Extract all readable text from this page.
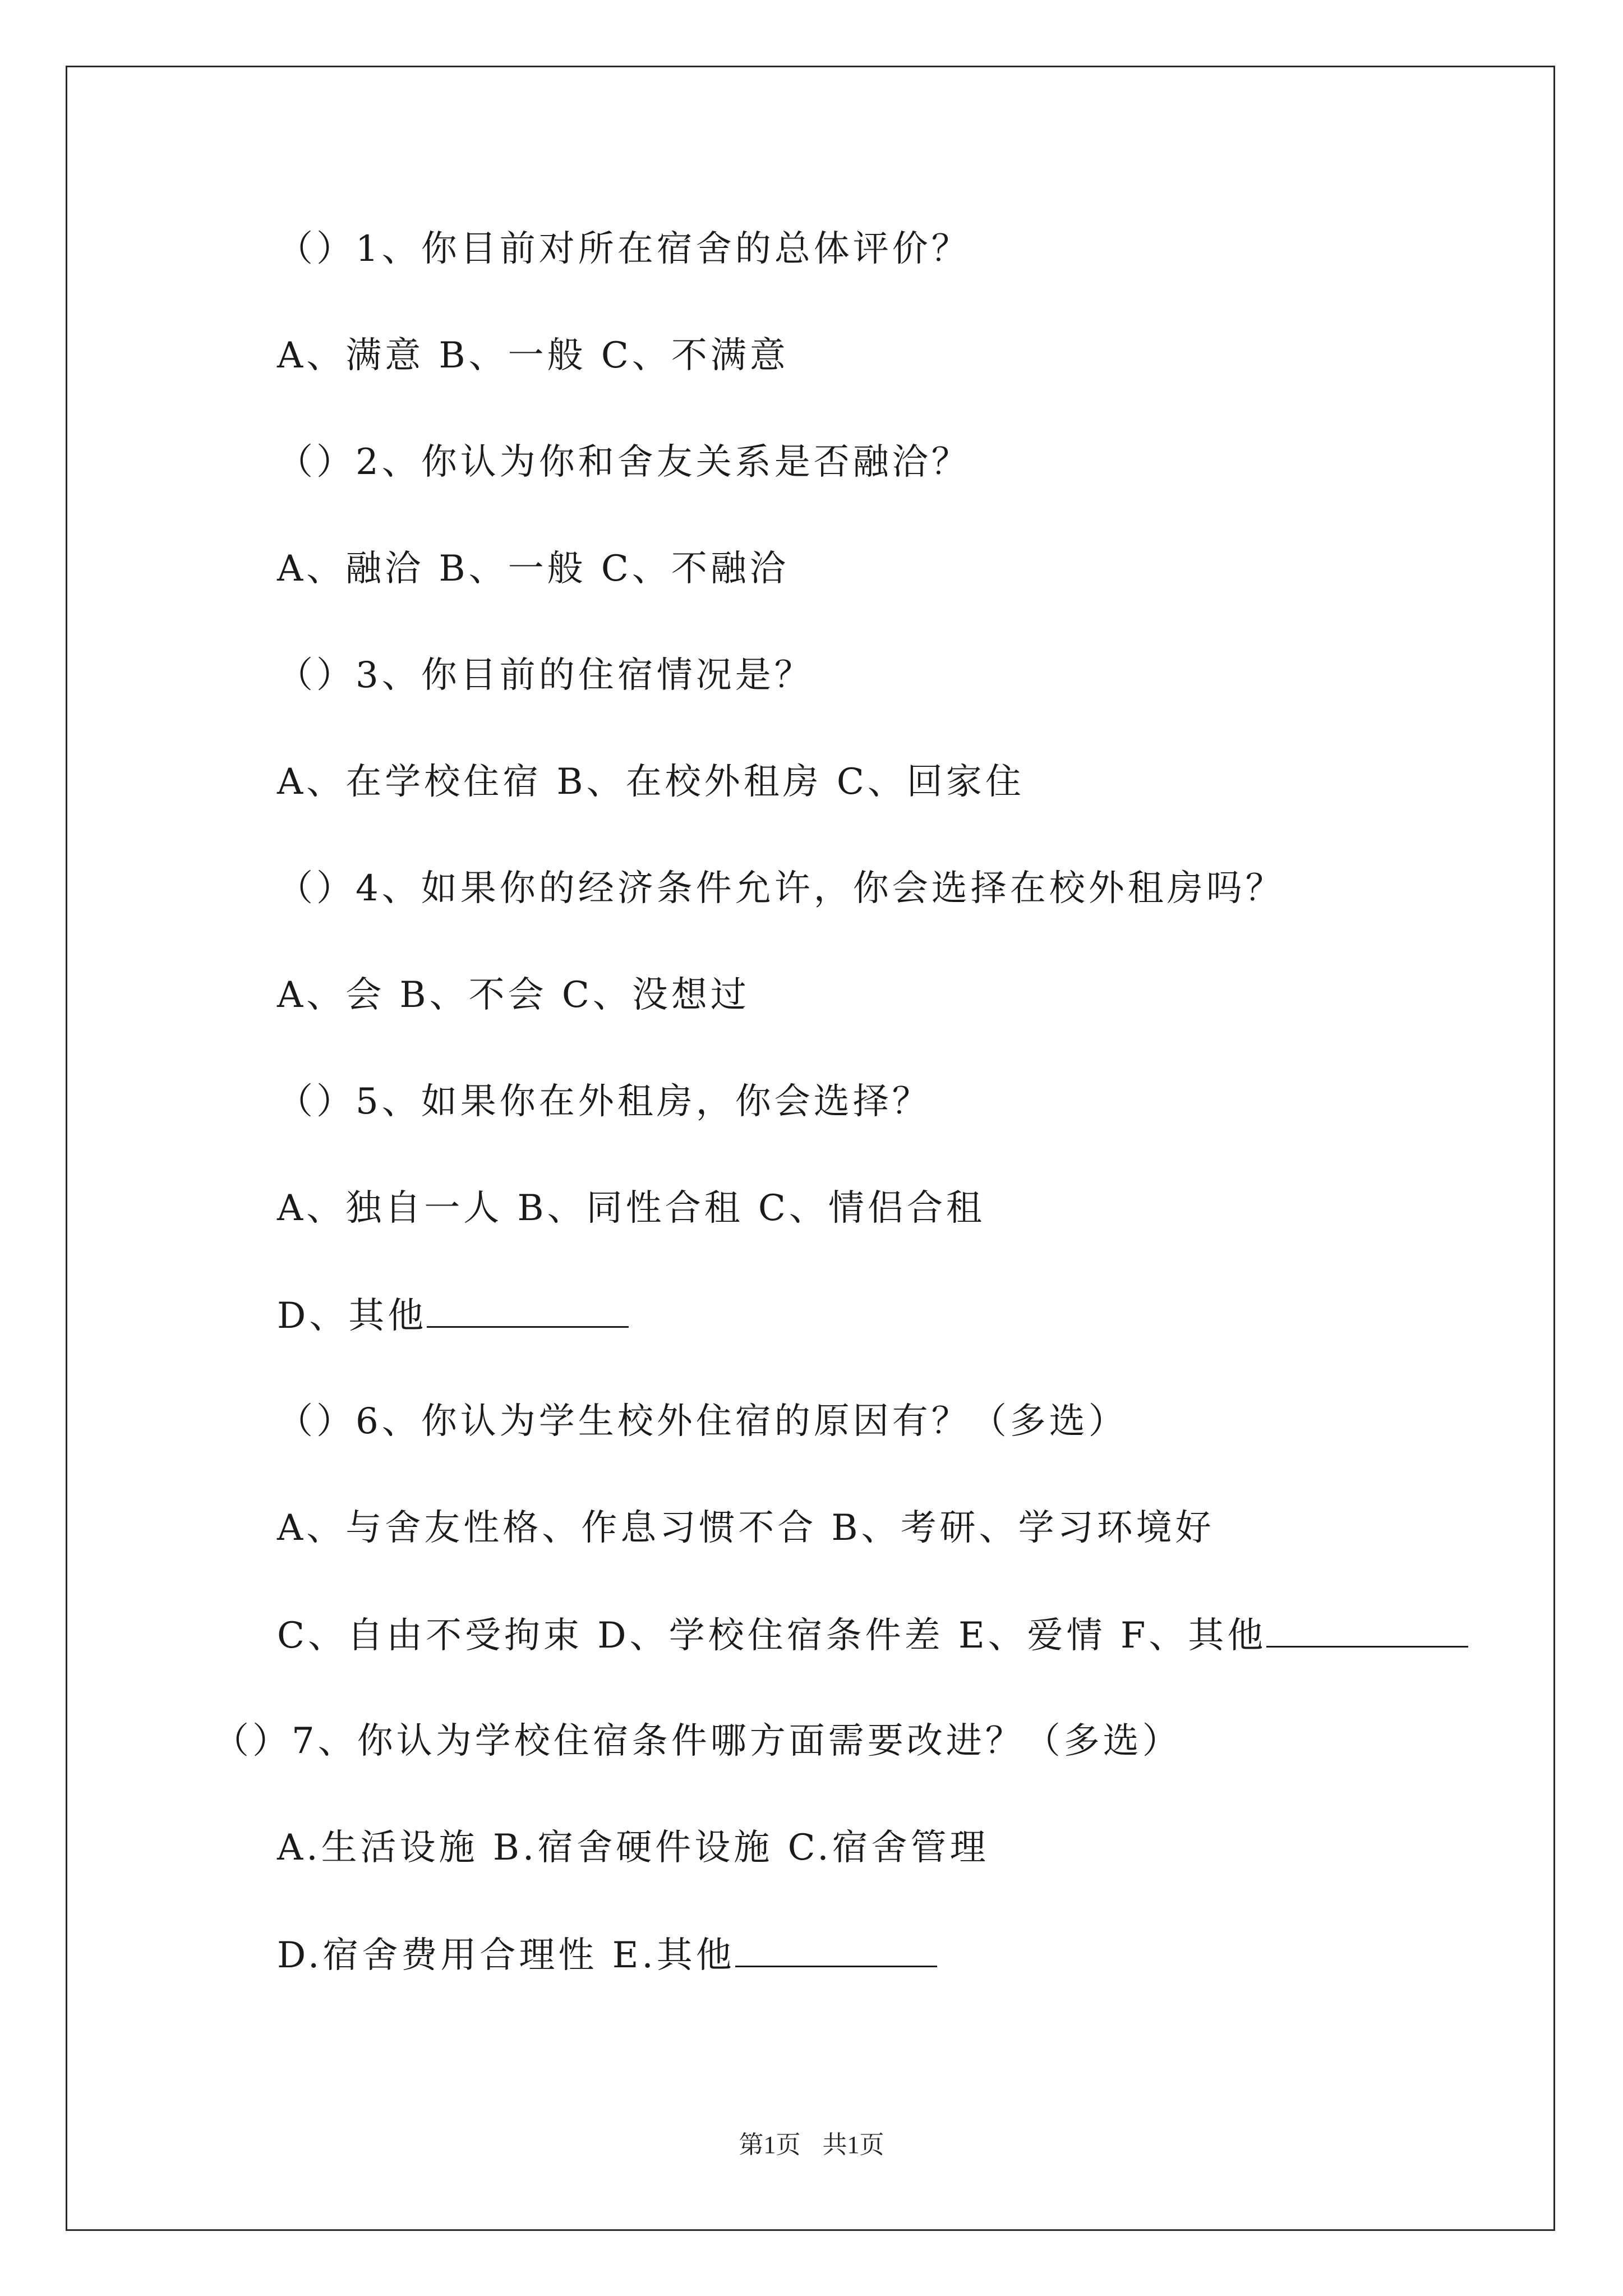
（）1、你目前对所在宿舍的总体评价？
A、满意 B、一般 C、不满意
（）2、你认为你和舍友关系是否融洽？
A、融洽 B、一般 C、不融洽
（）3、你目前的住宿情况是？
A、在学校住宿 B、在校外租房 C、回家住
（）4、如果你的经济条件允许，你会选择在校外租房吗？
A、会 B、不会 C、没想过
（）5、如果你在外租房，你会选择？
A、独自一人 B、同性合租 C、情侣合租
D、其他
（）6、你认为学生校外住宿的原因有？（多选）
A、与舍友性格、作息习惯不合 B、考研、学习环境好
C、自由不受拘束 D、学校住宿条件差 E、爱情 F、其他
（）7、你认为学校住宿条件哪方面需要改进？（多选）
A.生活设施 B.宿舍硬件设施 C.宿舍管理
D.宿舍费用合理性 E.其他
第1页 共1页
